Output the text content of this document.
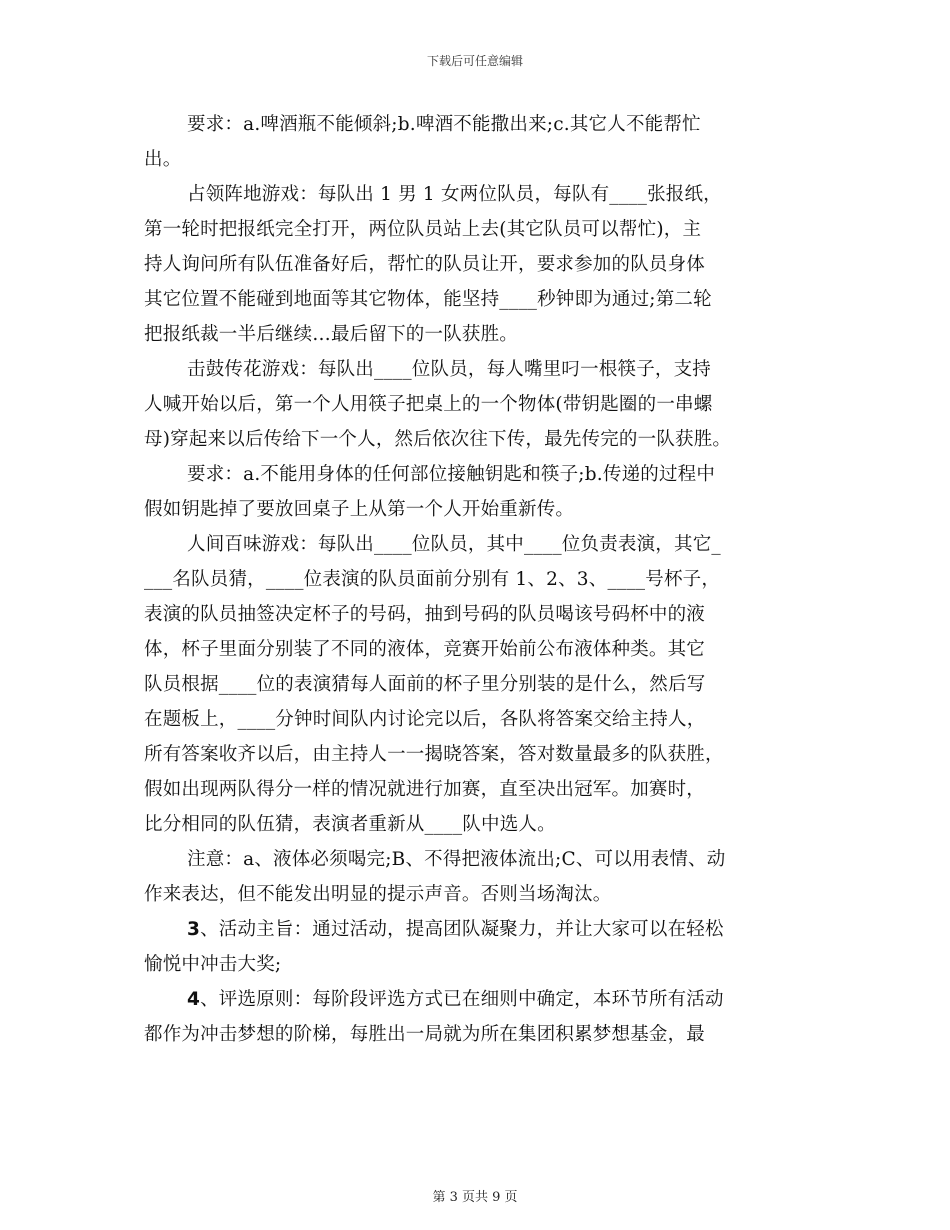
下载后可任意编辑

要求：a.啤酒瓶不能倾斜;b.啤酒不能撒出来;c.其它人不能帮忙

出。

占领阵地游戏：每队出 1 男 1 女两位队员，每队有____张报纸，

第一轮时把报纸完全打开，两位队员站上去(其它队员可以帮忙)，主

持人询问所有队伍准备好后，帮忙的队员让开，要求参加的队员身体

其它位置不能碰到地面等其它物体，能坚持____秒钟即为通过;第二轮

把报纸裁一半后继续…最后留下的一队获胜。

击鼓传花游戏：每队出____位队员，每人嘴里叼一根筷子，支持

人喊开始以后，第一个人用筷子把桌上的一个物体(带钥匙圈的一串螺

母)穿起来以后传给下一个人，然后依次往下传，最先传完的一队获胜。

要求：a.不能用身体的任何部位接触钥匙和筷子;b.传递的过程中

假如钥匙掉了要放回桌子上从第一个人开始重新传。

人间百味游戏：每队出____位队员，其中____位负责表演，其它_

___名队员猜，____位表演的队员面前分别有 1、2、3、____号杯子，

表演的队员抽签决定杯子的号码，抽到号码的队员喝该号码杯中的液

体，杯子里面分别装了不同的液体，竞赛开始前公布液体种类。其它

队员根据____位的表演猜每人面前的杯子里分别装的是什么，然后写

在题板上，____分钟时间队内讨论完以后，各队将答案交给主持人，

所有答案收齐以后，由主持人一一揭晓答案，答对数量最多的队获胜，

假如出现两队得分一样的情况就进行加赛，直至决出冠军。加赛时，

比分相同的队伍猜，表演者重新从____队中选人。

注意：a、液体必须喝完;B、不得把液体流出;C、可以用表情、动

作来表达，但不能发出明显的提示声音。否则当场淘汰。

3、活动主旨：通过活动，提高团队凝聚力，并让大家可以在轻松

愉悦中冲击大奖;

4、评选原则：每阶段评选方式已在细则中确定，本环节所有活动

都作为冲击梦想的阶梯，每胜出一局就为所在集团积累梦想基金，最

第 3 页共 9 页
